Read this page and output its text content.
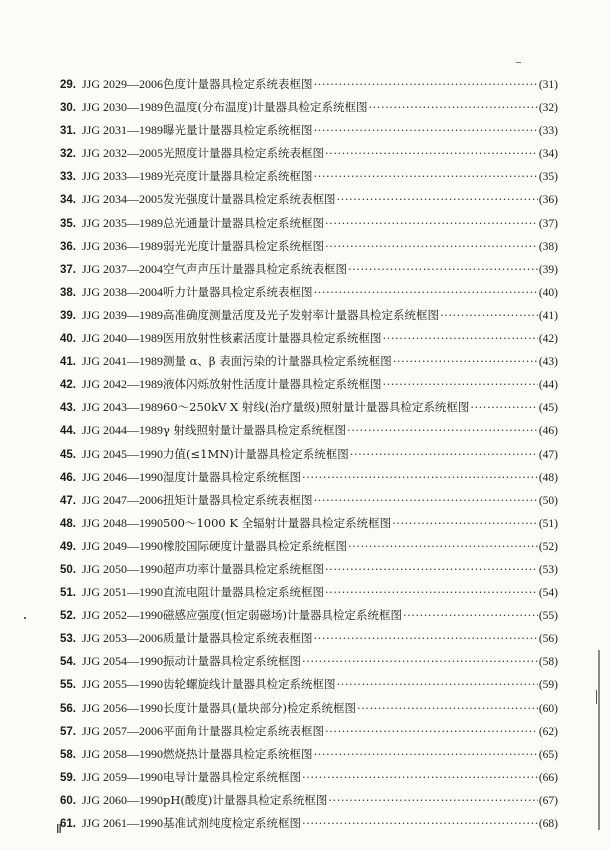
29. JJG 2029—2006 色度计量器具检定系统表框图 ·····	(31)
30. JJG 2030—1989 色温度(分布温度)计量器具检定系统框图 ·····	(32)
31. JJG 2031—1989 曝光量计量器具检定系统框图 ·····	(33)
32. JJG 2032—2005 光照度计量器具检定系统表框图 ·····	(34)
33. JJG 2033—1989 光亮度计量器具检定系统框图 ·····	(35)
34. JJG 2034—2005 发光强度计量器具检定系统表框图 ·····	(36)
35. JJG 2035—1989 总光通量计量器具检定系统框图 ·····	(37)
36. JJG 2036—1989 弱光光度计量器具检定系统框图 ·····	(38)
37. JJG 2037—2004 空气声声压计量器具检定系统表框图 ·····	(39)
38. JJG 2038—2004 听力计量器具检定系统表框图 ·····	(40)
39. JJG 2039—1989 高准确度测量活度及光子发射率计量器具检定系统框图 ·····	(41)
40. JJG 2040—1989 医用放射性核素活度计量器具检定系统框图 ·····	(42)
41. JJG 2041—1989 测量 α、β 表面污染的计量器具检定系统框图 ·····	(43)
42. JJG 2042—1989 液体闪烁放射性活度计量器具检定系统框图 ·····	(44)
43. JJG 2043—1989 60～250kV X 射线(治疗量级)照射量计量器具检定系统框图 ·····	(45)
44. JJG 2044—1989 γ 射线照射量计量器具检定系统框图 ·····	(46)
45. JJG 2045—1990 力值(≤1MN)计量器具检定系统框图 ·····	(47)
46. JJG 2046—1990 湿度计量器具检定系统框图 ·····	(48)
47. JJG 2047—2006 扭矩计量器具检定系统表框图 ·····	(50)
48. JJG 2048—1990 500～1000 K 全辐射计量器具检定系统框图 ·····	(51)
49. JJG 2049—1990 橡胶国际硬度计量器具检定系统框图 ·····	(52)
50. JJG 2050—1990 超声功率计量器具检定系统框图 ·····	(53)
51. JJG 2051—1990 直流电阻计量器具检定系统框图 ·····	(54)
52. JJG 2052—1990 磁感应强度(恒定弱磁场)计量器具检定系统框图 ·····	(55)
53. JJG 2053—2006 质量计量器具检定系统表框图 ·····	(56)
54. JJG 2054—1990 振动计量器具检定系统框图 ·····	(58)
55. JJG 2055—1990 齿轮螺旋线计量器具检定系统框图 ·····	(59)
56. JJG 2056—1990 长度计量器具(量块部分)检定系统框图 ·····	(60)
57. JJG 2057—2006 平面角计量器具检定系统表框图 ·····	(62)
58. JJG 2058—1990 燃烧热计量器具检定系统框图 ·····	(65)
59. JJG 2059—1990 电导计量器具检定系统框图 ·····	(66)
60. JJG 2060—1990 pH(酸度)计量器具检定系统框图 ·····	(67)
61. JJG 2061—1990 基准试剂纯度检定系统框图 ·····	(68)
Ⅱ
